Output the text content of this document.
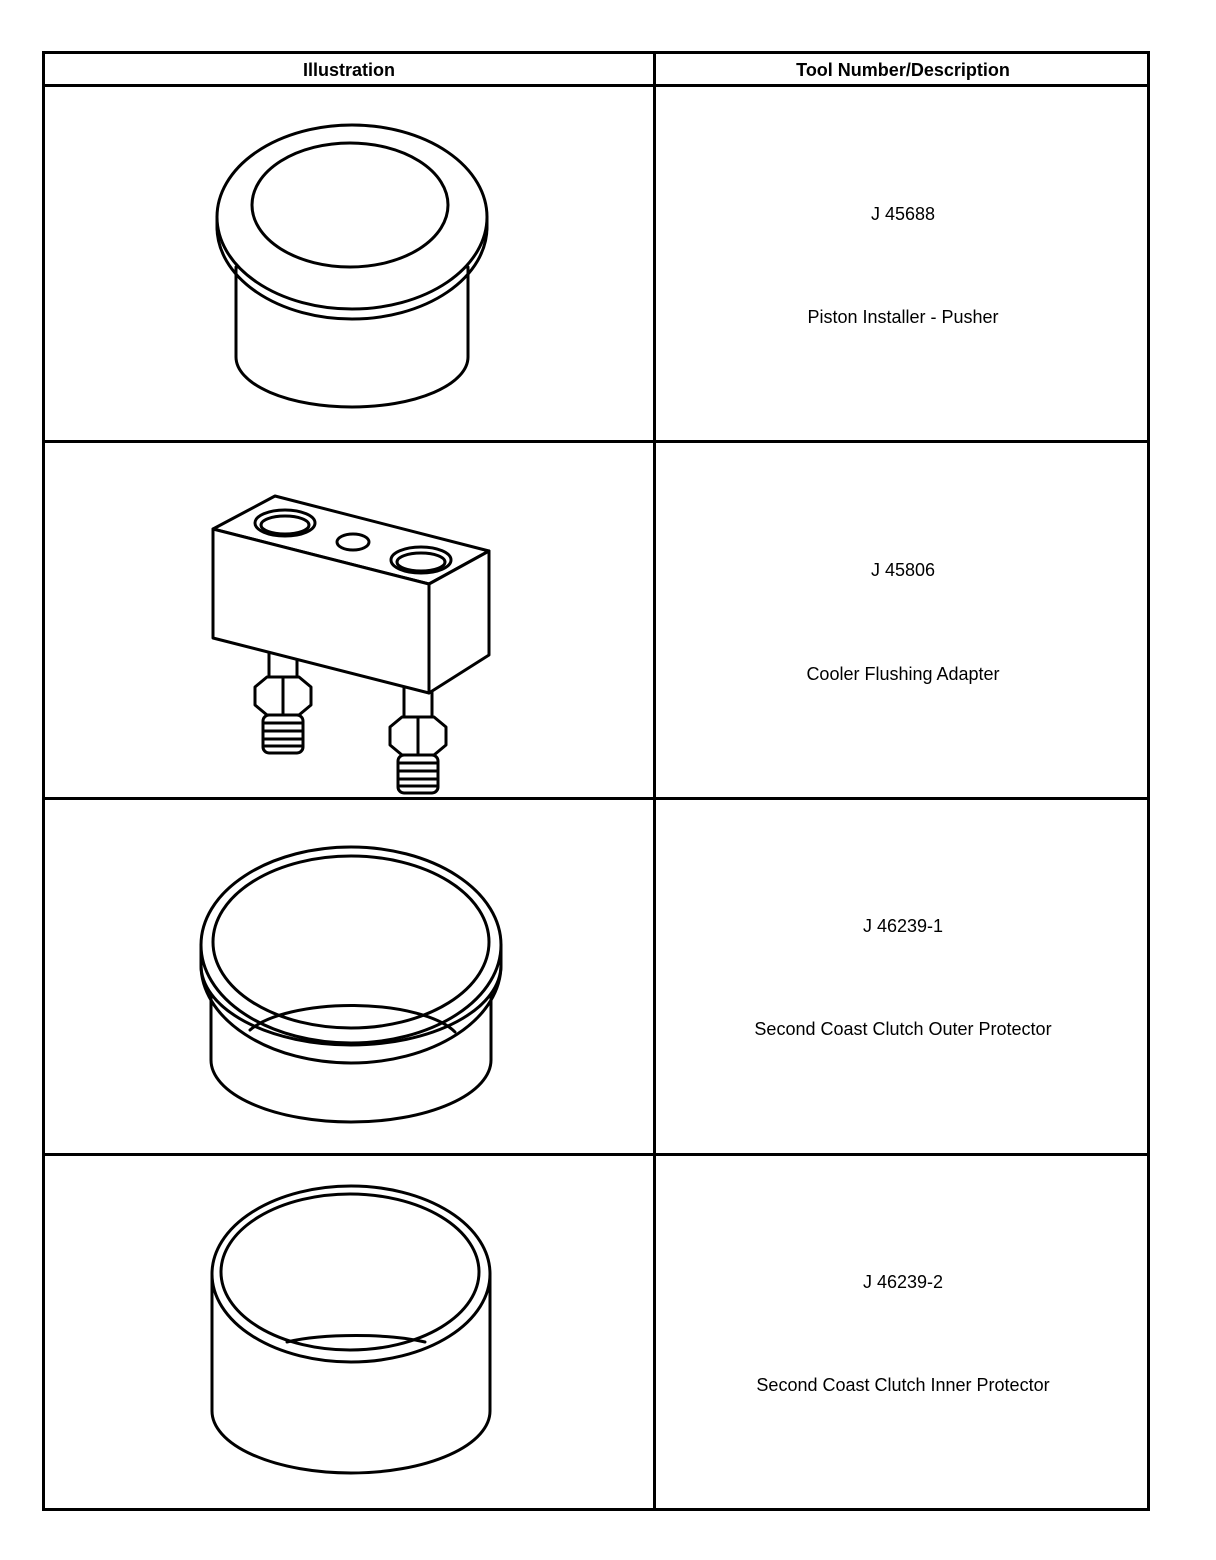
Illustration	Tool Number/Description
J 45688
Piston Installer - Pusher
J 45806
Cooler Flushing Adapter
J 46239-1
Second Coast Clutch Outer Protector
J 46239-2
Second Coast Clutch Inner Protector
